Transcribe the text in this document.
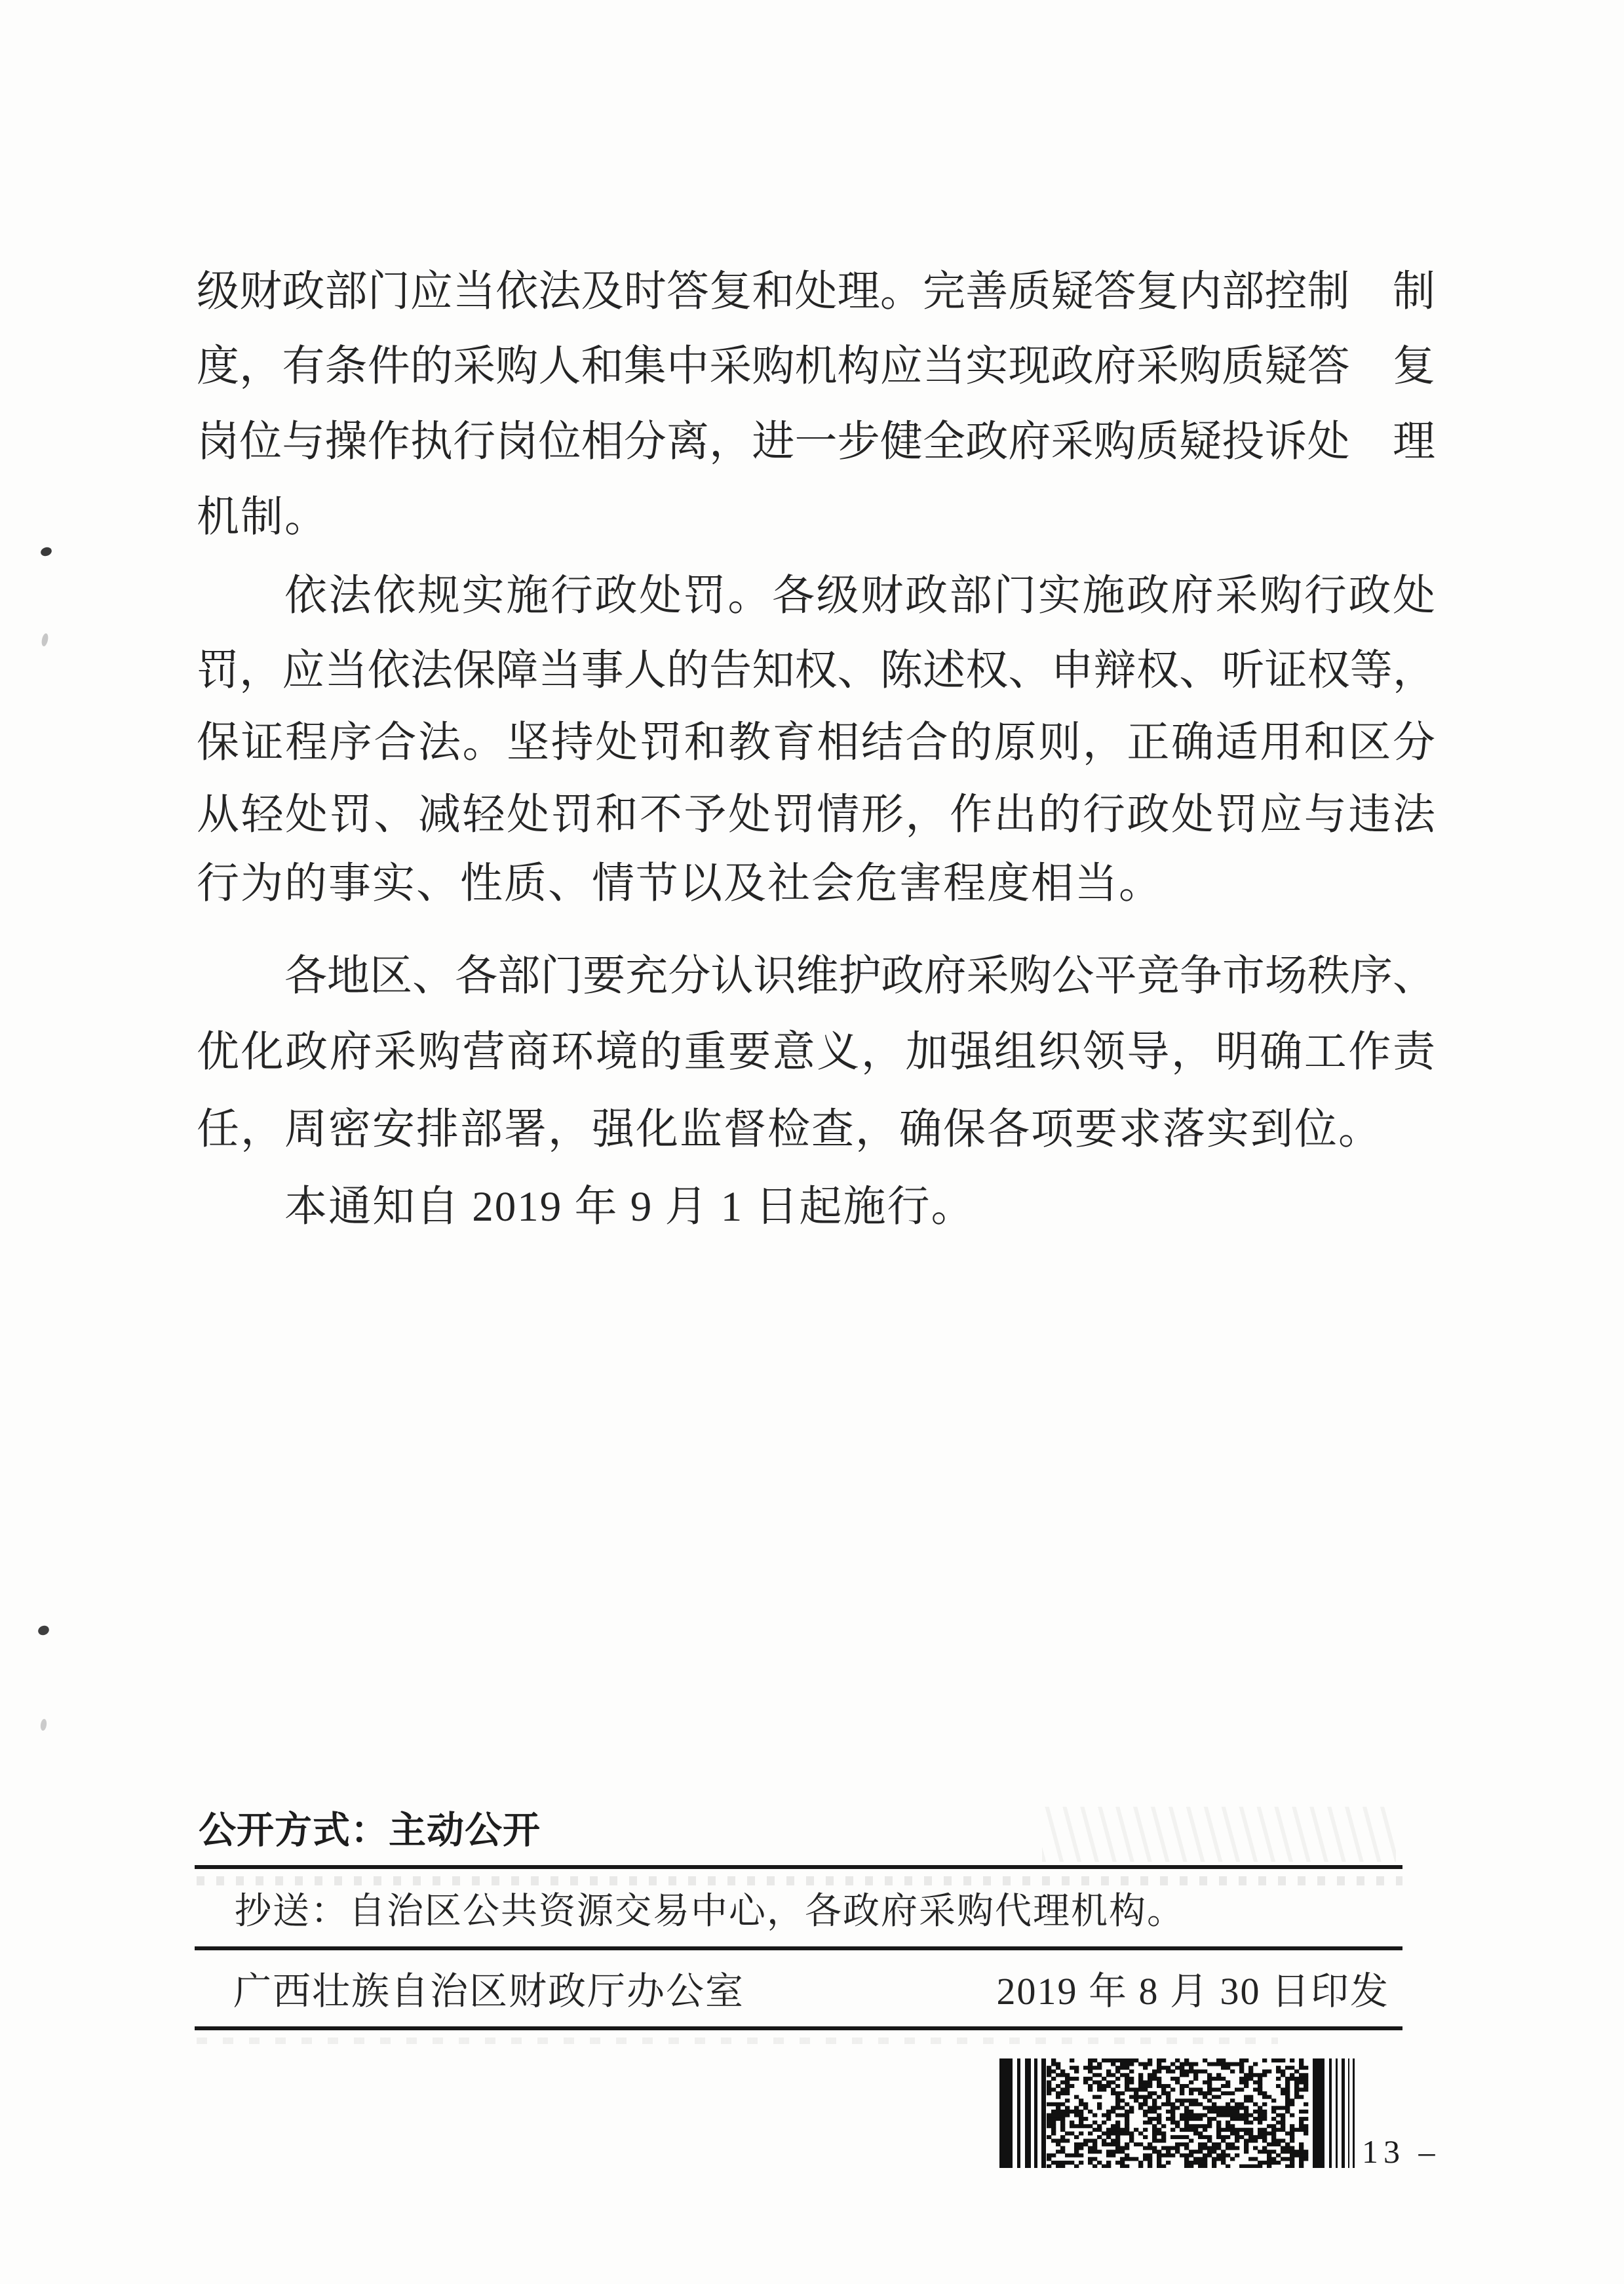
级财政部门应当依法及时答复和处理。完善质疑答复内部控制　制
度，有条件的采购人和集中采购机构应当实现政府采购质疑答　复
岗位与操作执行岗位相分离，进一步健全政府采购质疑投诉处　理
机制。
依法依规实施行政处罚。各级财政部门实施政府采购行政处
罚，应当依法保障当事人的告知权、陈述权、申辩权、听证权等，
保证程序合法。坚持处罚和教育相结合的原则，正确适用和区分
从轻处罚、减轻处罚和不予处罚情形，作出的行政处罚应与违法
行为的事实、性质、情节以及社会危害程度相当。
各地区、各部门要充分认识维护政府采购公平竞争市场秩序、
优化政府采购营商环境的重要意义，加强组织领导，明确工作责
任，周密安排部署，强化监督检查，确保各项要求落实到位。
本通知自 2019 年 9 月 1 日起施行。
公开方式：主动公开
抄送：自治区公共资源交易中心，各政府采购代理机构。
广西壮族自治区财政厅办公室	2019 年 8 月 30 日印发
13 –
